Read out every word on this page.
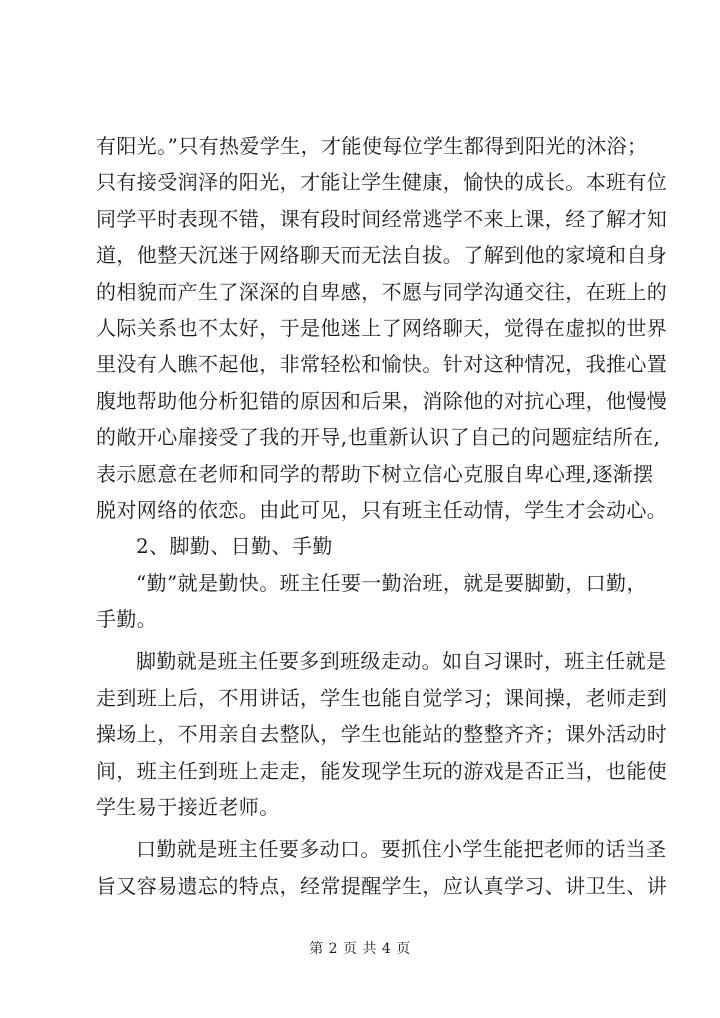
有阳光。”只有热爱学生，才能使每位学生都得到阳光的沐浴；
只有接受润泽的阳光，才能让学生健康，愉快的成长。本班有位
同学平时表现不错，课有段时间经常逃学不来上课，经了解才知
道，他整天沉迷于网络聊天而无法自拔。了解到他的家境和自身
的相貌而产生了深深的自卑感，不愿与同学沟通交往，在班上的
人际关系也不太好，于是他迷上了网络聊天，觉得在虚拟的世界
里没有人瞧不起他，非常轻松和愉快。针对这种情况，我推心置
腹地帮助他分析犯错的原因和后果，消除他的对抗心理，他慢慢
的敞开心扉接受了我的开导,也重新认识了自己的问题症结所在,
表示愿意在老师和同学的帮助下树立信心克服自卑心理,逐渐摆
脱对网络的依恋。由此可见，只有班主任动情，学生才会动心。
2、脚勤、日勤、手勤
“勤”就是勤快。班主任要一勤治班，就是要脚勤，口勤，
手勤。
脚勤就是班主任要多到班级走动。如自习课时，班主任就是
走到班上后，不用讲话，学生也能自觉学习；课间操，老师走到
操场上，不用亲自去整队，学生也能站的整整齐齐；课外活动时
间，班主任到班上走走，能发现学生玩的游戏是否正当，也能使
学生易于接近老师。
口勤就是班主任要多动口。要抓住小学生能把老师的话当圣
旨又容易遗忘的特点，经常提醒学生，应认真学习、讲卫生、讲
第 2 页 共 4 页
